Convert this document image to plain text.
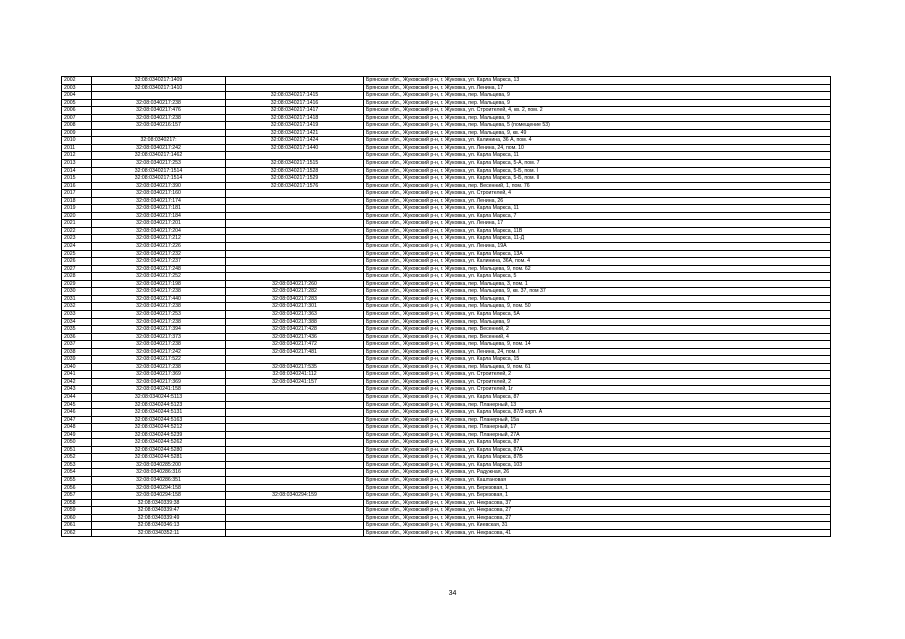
2002	32:08:0340217:1409		Брянская обл., Жуковский р-н, г. Жуковка, ул. Карла Маркса, 13
2003	32:08:0340217:1410		Брянская обл., Жуковский р-н, г. Жуковка, ул. Ленина, 17
2004		32:08:0340217:1415	Брянская обл., Жуковский р-н, г. Жуковка, пер. Мальцева, 9
2005	32:08:0340217:238	32:08:0340217:1416	Брянская обл., Жуковский р-н, г. Жуковка, пер. Мальцева, 9
2006	32:08:0340217:476	32:08:0340217:1417	Брянская обл., Жуковский р-н, г. Жуковка, ул. Строителей, 4, кв. 2, пом. 2
2007	32:08:0340217:238	32:08:0340217:1418	Брянская обл., Жуковский р-н, г. Жуковка, пер. Мальцева, 9
2008	32:08:0340216:157	32:08:0340217:1419	Брянская обл., Жуковский р-н, г. Жуковка, пер. Мальцева, 5 (помещение 53)
2009		32:08:0340217:1421	Брянская обл., Жуковский р-н, г. Жуковка, пер. Мальцева, 9, кв. 49
2010	32:08:0340217:	32:08:0340217:1424	Брянская обл., Жуковский р-н, г. Жуковка, ул. Калинина, 36 А, пом. 4
2011	32:08:0340217:242	32:08:0340217:1440	Брянская обл., Жуковский р-н, г. Жуковка, ул. Ленина, 24, пом. 10
2012	32:08:0340217:1462		Брянская обл., Жуковский р-н, г. Жуковка, ул. Карла Маркса, 11
2013	32:08:0340217:253	32:08:0340217:1515	Брянская обл., Жуковский р-н, г. Жуковка, ул. Карла Маркса, 5-А, пом. 7
2014	32:08:0340217:1514	32:08:0340217:1528	Брянская обл., Жуковский р-н, г. Жуковка, ул. Карла Маркса, 5-Б, пом. I
2015	32:08:0340217:1514	32:08:0340217:1529	Брянская обл., Жуковский р-н, г. Жуковка, ул. Карла Маркса, 5-Б, пом. II
2016	32:08:0340217:390	32:08:0340217:1576	Брянская обл., Жуковский р-н, г. Жуковка, пер. Весенний, 1, пом. 76
2017	32:08:0340217:160		Брянская обл., Жуковский р-н, г. Жуковка, ул. Строителей, 4
2018	32:08:0340217:174		Брянская обл., Жуковский р-н, г. Жуковка, ул. Ленина, 26
2019	32:08:0340217:181		Брянская обл., Жуковский р-н, г. Жуковка, ул. Карла Маркса, 11
2020	32:08:0340217:184		Брянская обл., Жуковский р-н, г. Жуковка, ул. Карла Маркса, 7
2021	32:08:0340217:201		Брянская обл., Жуковский р-н, г. Жуковка, ул. Ленина, 17
2022	32:08:0340217:204		Брянская обл., Жуковский р-н, г. Жуковка, ул. Карла Маркса, 11В
2023	32:08:0340217:212		Брянская обл., Жуковский р-н, г. Жуковка, ул. Карла Маркса, 11-Д
2024	32:08:0340217:226		Брянская обл., Жуковский р-н, г. Жуковка, ул. Ленина, 19А
2025	32:08:0340217:232		Брянская обл., Жуковский р-н, г. Жуковка, ул. Карла Маркса, 13А
2026	32:08:0340217:237		Брянская обл., Жуковский р-н, г. Жуковка, ул. Калинина, 36А, пом. 4
2027	32:08:0340217:248		Брянская обл., Жуковский р-н, г. Жуковка, пер. Мальцева, 9, пом. 62
2028	32:08:0340217:252		Брянская обл., Жуковский р-н, г. Жуковка, ул. Карла Маркса, 5
2029	32:08:0340217:198	32:08:0340217:260	Брянская обл., Жуковский р-н, г. Жуковка, пер. Мальцева, 3, пом. 1
2030	32:08:0340217:238	32:08:0340217:282	Брянская обл., Жуковский р-н, г. Жуковка, пер. Мальцева, 9, кв. 37, пом 37
2031	32:08:0340217:440	32:08:0340217:283	Брянская обл., Жуковский р-н, г. Жуковка, пер. Мальцева, 7
2032	32:08:0340217:238	32:08:0340217:301	Брянская обл., Жуковский р-н, г. Жуковка, пер. Мальцева, 9, пом. 50
2033	32:08:0340217:253	32:08:0340217:363	Брянская обл., Жуковский р-н, г. Жуковка, ул. Карла Маркса, 5А
2034	32:08:0340217:238	32:08:0340217:388	Брянская обл., Жуковский р-н, г. Жуковка, пер. Мальцева, 9
2035	32:08:0340217:394	32:08:0340217:428	Брянская обл., Жуковский р-н, г. Жуковка, пер. Весенний, 2
2036	32:08:0340217:373	32:08:0340217:436	Брянская обл., Жуковский р-н, г. Жуковка, пер. Весенний, 4
2037	32:08:0340217:238	32:08:0340217:472	Брянская обл., Жуковский р-н, г. Жуковка, пер. Мальцева, 9, пом. 14
2038	32:08:0340217:242	32:08:0340217:481	Брянская обл., Жуковский р-н, г. Жуковка, ул. Ленина, 24, пом. I
2039	32:08:0340217:522		Брянская обл., Жуковский р-н, г. Жуковка, ул. Карла Маркса, 15
2040	32:08:0340217:238	32:08:0340217:535	Брянская обл., Жуковский р-н, г. Жуковка, пер. Мальцева, 9, пом. 61
2041	32:08:0340217:369	32:08:0340241:112	Брянская обл., Жуковский р-н, г. Жуковка, ул. Строителей, 2
2042	32:08:0340217:369	32:08:0340241:157	Брянская обл., Жуковский р-н, г. Жуковка, ул. Строителей, 2
2043	32:08:0340241:158		Брянская обл., Жуковский р-н, г. Жуковка, ул. Строителей, 1г
2044	32:08:0340244:5113		Брянская обл., Жуковский р-н, г. Жуковка, ул. Карла Маркса, 87
2045	32:08:0340244:5123		Брянская обл., Жуковский р-н, г. Жуковка, пер. Планерный, 13
2046	32:08:0340244:5131		Брянская обл., Жуковский р-н, г. Жуковка, ул. Карла Маркса, 87/3 корп. А
2047	32:08:0340244:5163		Брянская обл., Жуковский р-н, г. Жуковка, пер. Планерный, 15а
2048	32:08:0340244:5212		Брянская обл., Жуковский р-н, г. Жуковка, пер. Планерный, 17
2049	32:08:0340244:5239		Брянская обл., Жуковский р-н, г. Жуковка, пер. Планерный, 27А
2050	32:08:0340244:5262		Брянская обл., Жуковский р-н, г. Жуковка, ул. Карла Маркса, 87
2051	32:08:0340244:5280		Брянская обл., Жуковский р-н, г. Жуковка, ул. Карла Маркса, 87А
2052	32:08:0340244:5281		Брянская обл., Жуковский р-н, г. Жуковка, ул. Карла Маркса, 87Б
2053	32:08:0340285:200		Брянская обл., Жуковский р-н, г. Жуковка, ул. Карла Маркса, 103
2054	32:08:0340286:316		Брянская обл., Жуковский р-н, г. Жуковка, ул. Радужная, 26
2055	32:08:0340286:351		Брянская обл., Жуковский р-н, г. Жуковка, ул. Каштановая
2056	32:08:0340294:158		Брянская обл., Жуковский р-н, г. Жуковка, ул. Березовая, 1
2057	32:08:0340294:158	32:08:0340294:159	Брянская обл., Жуковский р-н, г. Жуковка, ул. Березовая, 1
2058	32:08:0340339:38		Брянская обл., Жуковский р-н, г. Жуковка, ул. Некрасова, 37
2059	32:08:0340339:47		Брянская обл., Жуковский р-н, г. Жуковка, ул. Некрасова, 27
2060	32:08:0340339:49		Брянская обл., Жуковский р-н, г. Жуковка, ул. Некрасова, 27
2061	32:08:0340346:13		Брянская обл., Жуковский р-н, г. Жуковка, ул. Киевская, 31
2062	32:08:0340352:11		Брянская обл., Жуковский р-н, г. Жуковка, ул. Некрасова, 41
34
